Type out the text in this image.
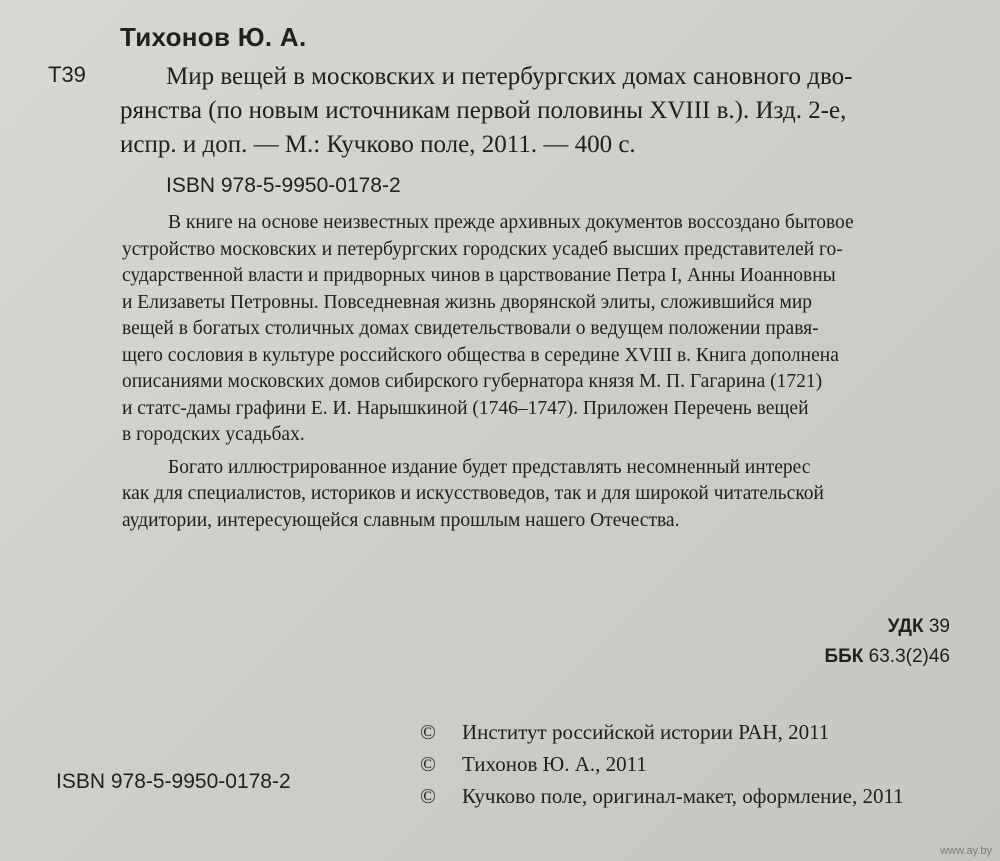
Тихонов Ю. А.
Т39	Мир вещей в московских и петербургских домах сановного дво-
рянства (по новым источникам первой половины XVIII в.). Изд. 2-е,
испр. и доп. — М.: Кучково поле, 2011. — 400 с.
ISBN 978-5-9950-0178-2
В книге на основе неизвестных прежде архивных документов воссоздано бытовое
устройство московских и петербургских городских усадеб высших представителей го-
сударственной власти и придворных чинов в царствование Петра I, Анны Иоанновны
и Елизаветы Петровны. Повседневная жизнь дворянской элиты, сложившийся мир
вещей в богатых столичных домах свидетельствовали о ведущем положении правя-
щего сословия в культуре российского общества в середине XVIII в. Книга дополнена
описаниями московских домов сибирского губернатора князя М. П. Гагарина (1721)
и статс-дамы графини Е. И. Нарышкиной (1746–1747). Приложен Перечень вещей
в городских усадьбах.
Богато иллюстрированное издание будет представлять несомненный интерес
как для специалистов, историков и искусствоведов, так и для широкой читательской
аудитории, интересующейся славным прошлым нашего Отечества.
УДК 39
ББК 63.3(2)46
© Институт российской истории РАН, 2011
© Тихонов Ю. А., 2011
© Кучково поле, оригинал-макет, оформление, 2011
ISBN 978-5-9950-0178-2
www.ay.by
